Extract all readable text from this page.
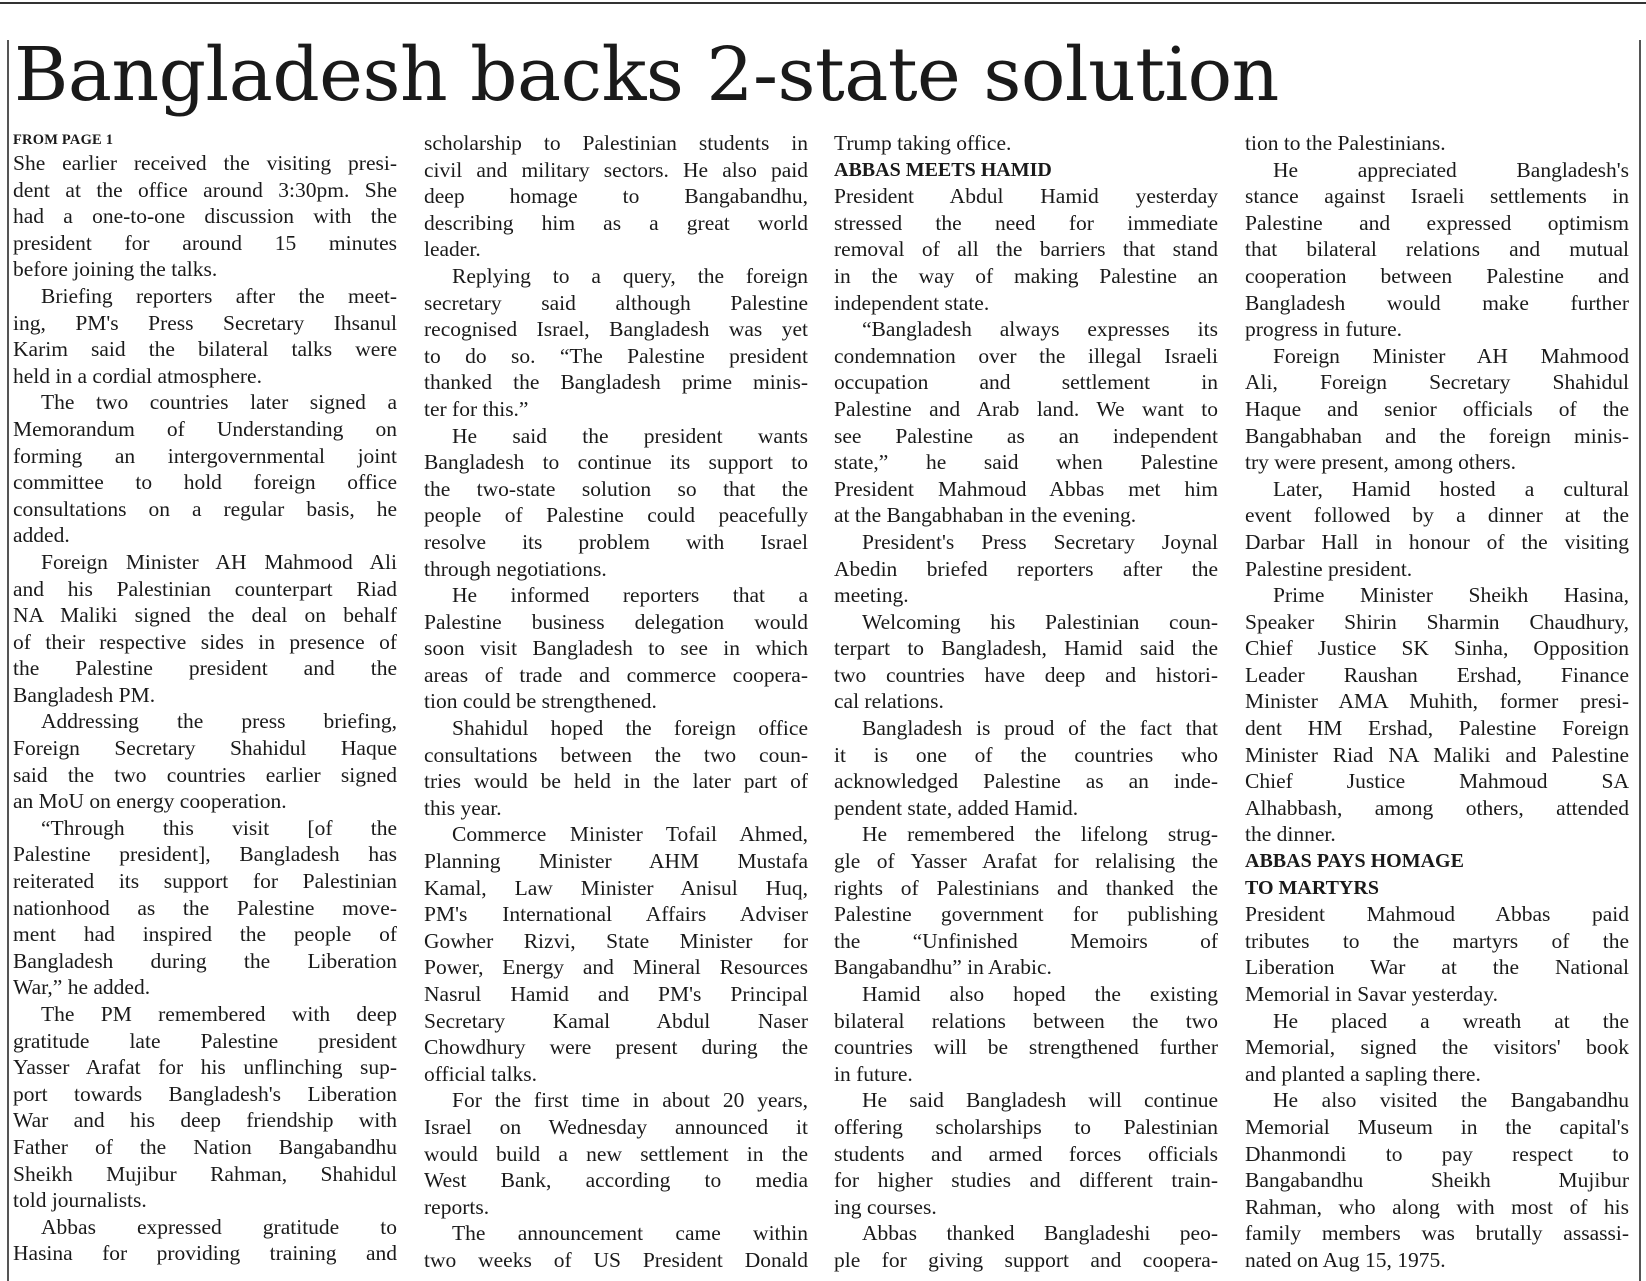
Bangladesh backs 2-state solution
FROM PAGE 1
She earlier received the visiting presi-
dent at the office around 3:30pm. She
had a one-to-one discussion with the
president for around 15 minutes
before joining the talks.
Briefing reporters after the meet-
ing, PM's Press Secretary Ihsanul
Karim said the bilateral talks were
held in a cordial atmosphere.
The two countries later signed a
Memorandum of Understanding on
forming an intergovernmental joint
committee to hold foreign office
consultations on a regular basis, he
added.
Foreign Minister AH Mahmood Ali
and his Palestinian counterpart Riad
NA Maliki signed the deal on behalf
of their respective sides in presence of
the Palestine president and the
Bangladesh PM.
Addressing the press briefing,
Foreign Secretary Shahidul Haque
said the two countries earlier signed
an MoU on energy cooperation.
“Through this visit [of the
Palestine president], Bangladesh has
reiterated its support for Palestinian
nationhood as the Palestine move-
ment had inspired the people of
Bangladesh during the Liberation
War,” he added.
The PM remembered with deep
gratitude late Palestine president
Yasser Arafat for his unflinching sup-
port towards Bangladesh's Liberation
War and his deep friendship with
Father of the Nation Bangabandhu
Sheikh Mujibur Rahman, Shahidul
told journalists.
Abbas expressed gratitude to
Hasina for providing training and
scholarship to Palestinian students in
civil and military sectors. He also paid
deep homage to Bangabandhu,
describing him as a great world
leader.
Replying to a query, the foreign
secretary said although Palestine
recognised Israel, Bangladesh was yet
to do so. “The Palestine president
thanked the Bangladesh prime minis-
ter for this.”
He said the president wants
Bangladesh to continue its support to
the two-state solution so that the
people of Palestine could peacefully
resolve its problem with Israel
through negotiations.
He informed reporters that a
Palestine business delegation would
soon visit Bangladesh to see in which
areas of trade and commerce coopera-
tion could be strengthened.
Shahidul hoped the foreign office
consultations between the two coun-
tries would be held in the later part of
this year.
Commerce Minister Tofail Ahmed,
Planning Minister AHM Mustafa
Kamal, Law Minister Anisul Huq,
PM's International Affairs Adviser
Gowher Rizvi, State Minister for
Power, Energy and Mineral Resources
Nasrul Hamid and PM's Principal
Secretary Kamal Abdul Naser
Chowdhury were present during the
official talks.
For the first time in about 20 years,
Israel on Wednesday announced it
would build a new settlement in the
West Bank, according to media
reports.
The announcement came within
two weeks of US President Donald
Trump taking office.
ABBAS MEETS HAMID
President Abdul Hamid yesterday
stressed the need for immediate
removal of all the barriers that stand
in the way of making Palestine an
independent state.
“Bangladesh always expresses its
condemnation over the illegal Israeli
occupation and settlement in
Palestine and Arab land. We want to
see Palestine as an independent
state,” he said when Palestine
President Mahmoud Abbas met him
at the Bangabhaban in the evening.
President's Press Secretary Joynal
Abedin briefed reporters after the
meeting.
Welcoming his Palestinian coun-
terpart to Bangladesh, Hamid said the
two countries have deep and histori-
cal relations.
Bangladesh is proud of the fact that
it is one of the countries who
acknowledged Palestine as an inde-
pendent state, added Hamid.
He remembered the lifelong strug-
gle of Yasser Arafat for relalising the
rights of Palestinians and thanked the
Palestine government for publishing
the “Unfinished Memoirs of
Bangabandhu” in Arabic.
Hamid also hoped the existing
bilateral relations between the two
countries will be strengthened further
in future.
He said Bangladesh will continue
offering scholarships to Palestinian
students and armed forces officials
for higher studies and different train-
ing courses.
Abbas thanked Bangladeshi peo-
ple for giving support and coopera-
tion to the Palestinians.
He appreciated Bangladesh's
stance against Israeli settlements in
Palestine and expressed optimism
that bilateral relations and mutual
cooperation between Palestine and
Bangladesh would make further
progress in future.
Foreign Minister AH Mahmood
Ali, Foreign Secretary Shahidul
Haque and senior officials of the
Bangabhaban and the foreign minis-
try were present, among others.
Later, Hamid hosted a cultural
event followed by a dinner at the
Darbar Hall in honour of the visiting
Palestine president.
Prime Minister Sheikh Hasina,
Speaker Shirin Sharmin Chaudhury,
Chief Justice SK Sinha, Opposition
Leader Raushan Ershad, Finance
Minister AMA Muhith, former presi-
dent HM Ershad, Palestine Foreign
Minister Riad NA Maliki and Palestine
Chief Justice Mahmoud SA
Alhabbash, among others, attended
the dinner.
ABBAS PAYS HOMAGE
TO MARTYRS
President Mahmoud Abbas paid
tributes to the martyrs of the
Liberation War at the National
Memorial in Savar yesterday.
He placed a wreath at the
Memorial, signed the visitors' book
and planted a sapling there.
He also visited the Bangabandhu
Memorial Museum in the capital's
Dhanmondi to pay respect to
Bangabandhu Sheikh Mujibur
Rahman, who along with most of his
family members was brutally assassi-
nated on Aug 15, 1975.
